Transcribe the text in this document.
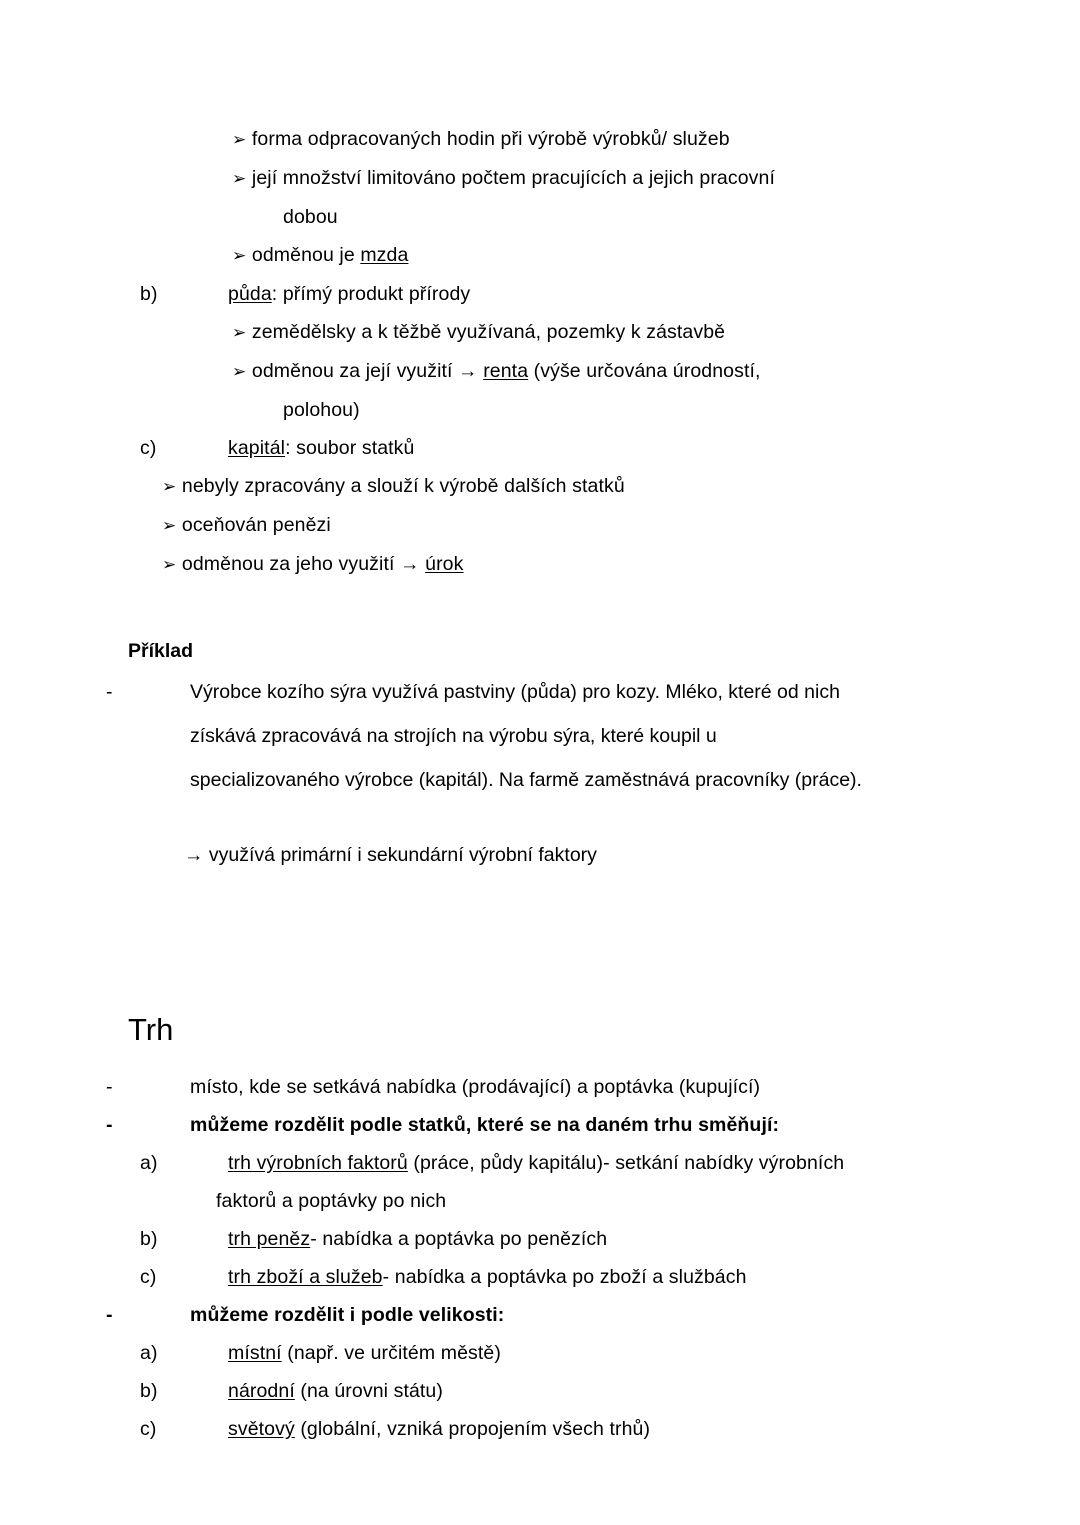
➢ forma odpracovaných hodin při výrobě výrobků/ služeb
➢ její množství limitováno počtem pracujících a jejich pracovní
dobou
➢ odměnou je mzda
b)	půda: přímý produkt přírody
➢ zemědělsky a k těžbě využívaná, pozemky k zástavbě
➢ odměnou za její využití → renta (výše určována úrodností,
polohou)
c)	kapitál: soubor statků
➢ nebyly zpracovány a slouží k výrobě dalších statků
➢ oceňován penězi
➢ odměnou za jeho využití → úrok
Příklad
-	Výrobce kozího sýra využívá pastviny (půda) pro kozy. Mléko, které od nich
získává zpracovává na strojích na výrobu sýra, které koupil u
specializovaného výrobce (kapitál). Na farmě zaměstnává pracovníky (práce).
→ využívá primární i sekundární výrobní faktory
Trh
-	místo, kde se setkává nabídka (prodávající) a poptávka (kupující)
-	můžeme rozdělit podle statků, které se na daném trhu směňují:
a)	trh výrobních faktorů (práce, půdy kapitálu)- setkání nabídky výrobních
faktorů a poptávky po nich
b)	trh peněz- nabídka a poptávka po penězích
c)	trh zboží a služeb- nabídka a poptávka po zboží a službách
-	můžeme rozdělit i podle velikosti:
a)	místní (např. ve určitém městě)
b)	národní (na úrovni státu)
c)	světový (globální, vzniká propojením všech trhů)
